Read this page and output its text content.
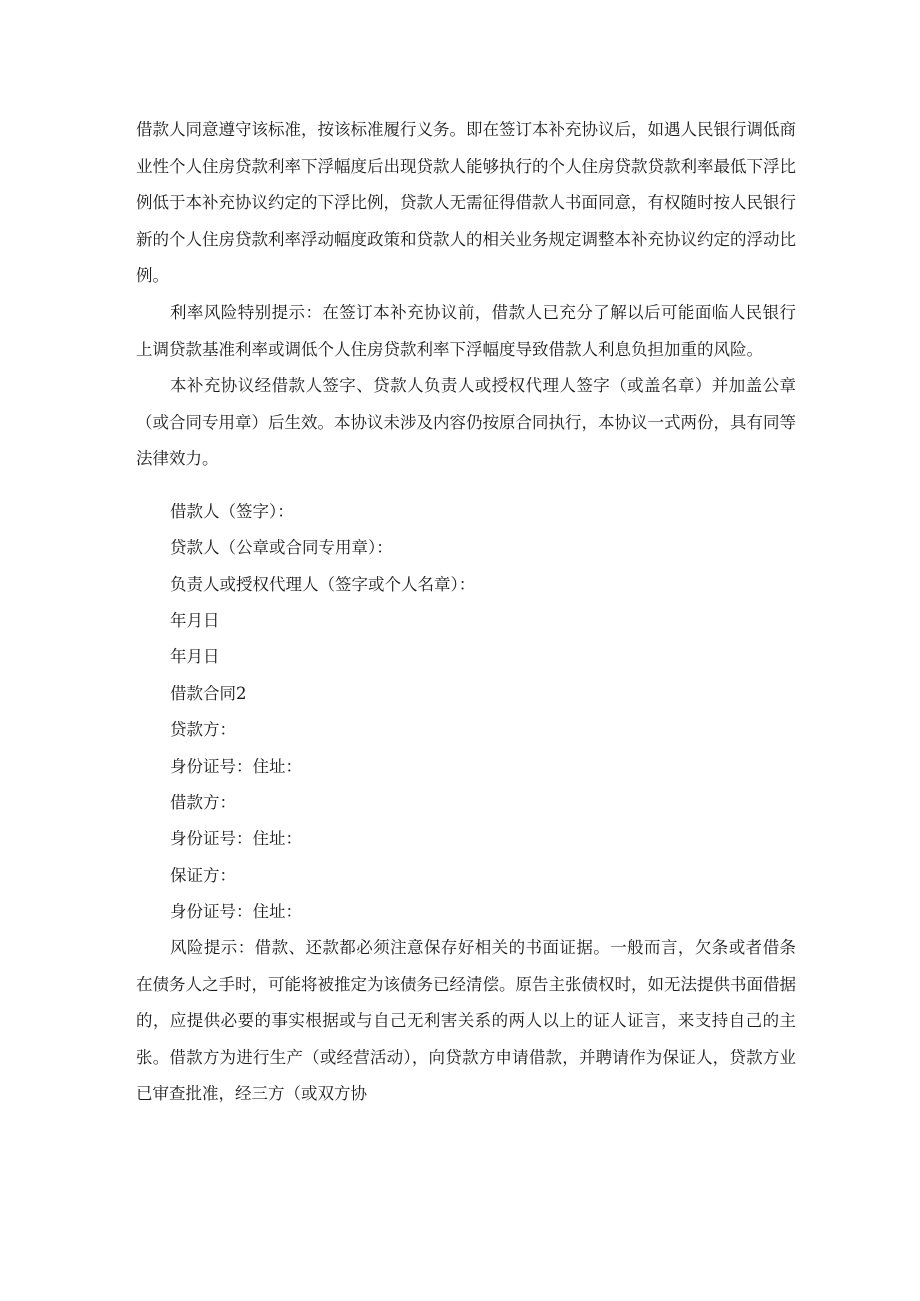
借款人同意遵守该标准，按该标准履行义务。即在签订本补充协议后，如遇人民银行调低商业性个人住房贷款利率下浮幅度后出现贷款人能够执行的个人住房贷款贷款利率最低下浮比例低于本补充协议约定的下浮比例，贷款人无需征得借款人书面同意，有权随时按人民银行新的个人住房贷款利率浮动幅度政策和贷款人的相关业务规定调整本补充协议约定的浮动比例。

利率风险特别提示：在签订本补充协议前，借款人已充分了解以后可能面临人民银行上调贷款基准利率或调低个人住房贷款利率下浮幅度导致借款人利息负担加重的风险。

本补充协议经借款人签字、贷款人负责人或授权代理人签字（或盖名章）并加盖公章（或合同专用章）后生效。本协议未涉及内容仍按原合同执行，本协议一式两份，具有同等法律效力。

借款人（签字）：

贷款人（公章或合同专用章）：

负责人或授权代理人（签字或个人名章）：

年月日

年月日

借款合同2

贷款方：

身份证号：住址：

借款方：

身份证号：住址：

保证方：

身份证号：住址：

风险提示：借款、还款都必须注意保存好相关的书面证据。一般而言，欠条或者借条在债务人之手时，可能将被推定为该债务已经清偿。原告主张债权时，如无法提供书面借据的，应提供必要的事实根据或与自己无利害关系的两人以上的证人证言，来支持自己的主张。借款方为进行生产（或经营活动），向贷款方申请借款，并聘请作为保证人，贷款方业已审查批准，经三方（或双方协
